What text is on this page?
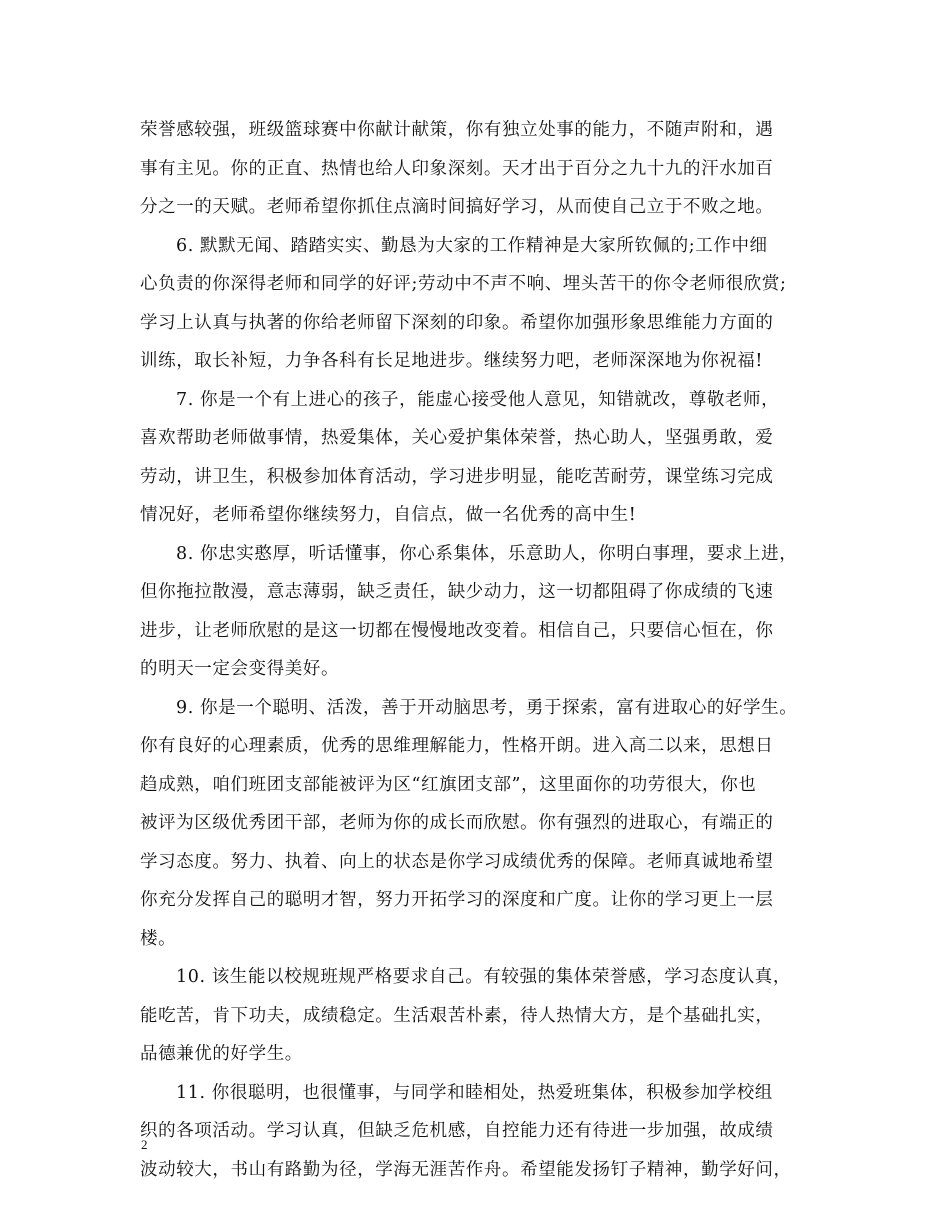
荣誉感较强，班级篮球赛中你献计献策，你有独立处事的能力，不随声附和，遇
事有主见。你的正直、热情也给人印象深刻。天才出于百分之九十九的汗水加百
分之一的天赋。老师希望你抓住点滴时间搞好学习，从而使自己立于不败之地。
6. 默默无闻、踏踏实实、勤恳为大家的工作精神是大家所钦佩的;工作中细
心负责的你深得老师和同学的好评;劳动中不声不响、埋头苦干的你令老师很欣赏;
学习上认真与执著的你给老师留下深刻的印象。希望你加强形象思维能力方面的
训练，取长补短，力争各科有长足地进步。继续努力吧，老师深深地为你祝福!
7. 你是一个有上进心的孩子，能虚心接受他人意见，知错就改，尊敬老师，
喜欢帮助老师做事情，热爱集体，关心爱护集体荣誉，热心助人，坚强勇敢，爱
劳动，讲卫生，积极参加体育活动，学习进步明显，能吃苦耐劳，课堂练习完成
情况好，老师希望你继续努力，自信点，做一名优秀的高中生!
8. 你忠实憨厚，听话懂事，你心系集体，乐意助人，你明白事理，要求上进，
但你拖拉散漫，意志薄弱，缺乏责任，缺少动力，这一切都阻碍了你成绩的飞速
进步，让老师欣慰的是这一切都在慢慢地改变着。相信自己，只要信心恒在，你
的明天一定会变得美好。
9. 你是一个聪明、活泼，善于开动脑思考，勇于探索，富有进取心的好学生。
你有良好的心理素质，优秀的思维理解能力，性格开朗。进入高二以来，思想日
趋成熟，咱们班团支部能被评为区“红旗团支部”，这里面你的功劳很大，你也
被评为区级优秀团干部，老师为你的成长而欣慰。你有强烈的进取心，有端正的
学习态度。努力、执着、向上的状态是你学习成绩优秀的保障。老师真诚地希望
你充分发挥自己的聪明才智，努力开拓学习的深度和广度。让你的学习更上一层
楼。
10. 该生能以校规班规严格要求自己。有较强的集体荣誉感，学习态度认真，
能吃苦，肯下功夫，成绩稳定。生活艰苦朴素，待人热情大方，是个基础扎实，
品德兼优的好学生。
11. 你很聪明，也很懂事，与同学和睦相处，热爱班集体，积极参加学校组
织的各项活动。学习认真，但缺乏危机感，自控能力还有待进一步加强，故成绩
波动较大，书山有路勤为径，学海无涯苦作舟。希望能发扬钉子精神，勤学好问，
2
